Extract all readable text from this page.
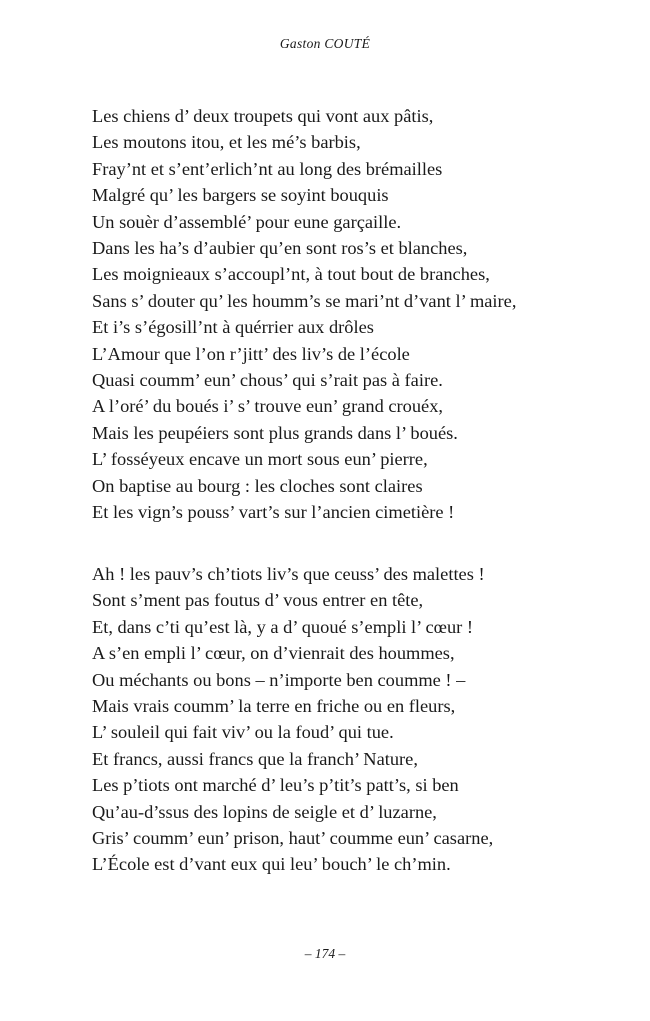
Gaston COUTÉ
Les chiens d’ deux troupets qui vont aux pâtis,
Les moutons itou, et les mé’s barbis,
Fray’nt et s’ent’erlich’nt au long des brémailles
Malgré qu’ les bargers se soyint bouquis
Un souèr d’assemblé’ pour eune garçaille.
Dans les ha’s d’aubier qu’en sont ros’s et blanches,
Les moignieaux s’accoupl’nt, à tout bout de branches,
Sans s’ douter qu’ les houmm’s se mari’nt d’vant l’ maire,
Et i’s s’égosill’nt à quérrier aux drôles
L’Amour que l’on r’jitt’ des liv’s de l’école
Quasi coumm’ eun’ chous’ qui s’rait pas à faire.
A l’oré’ du boués i’ s’ trouve eun’ grand crouéx,
Mais les peupéiers sont plus grands dans l’ boués.
L’ fosséyeux encave un mort sous eun’ pierre,
On baptise au bourg : les cloches sont claires
Et les vign’s pouss’ vart’s sur l’ancien cimetière !
Ah ! les pauv’s ch’tiots liv’s que ceuss’ des malettes !
Sont s’ment pas foutus d’ vous entrer en tête,
Et, dans c’ti qu’est là, y a d’ quoué s’empli l’ cœur !
A s’en empli l’ cœur, on d’vienrait des hoummes,
Ou méchants ou bons – n’importe ben coumme ! –
Mais vrais coumm’ la terre en friche ou en fleurs,
L’ souleil qui fait viv’ ou la foud’ qui tue.
Et francs, aussi francs que la franch’ Nature,
Les p’tiots ont marché d’ leu’s p’tit’s patt’s, si ben
Qu’au-d’ssus des lopins de seigle et d’ luzarne,
Gris’ coumm’ eun’ prison, haut’ coumme eun’ casarne,
L’École est d’vant eux qui leu’ bouch’ le ch’min.
– 174 –
